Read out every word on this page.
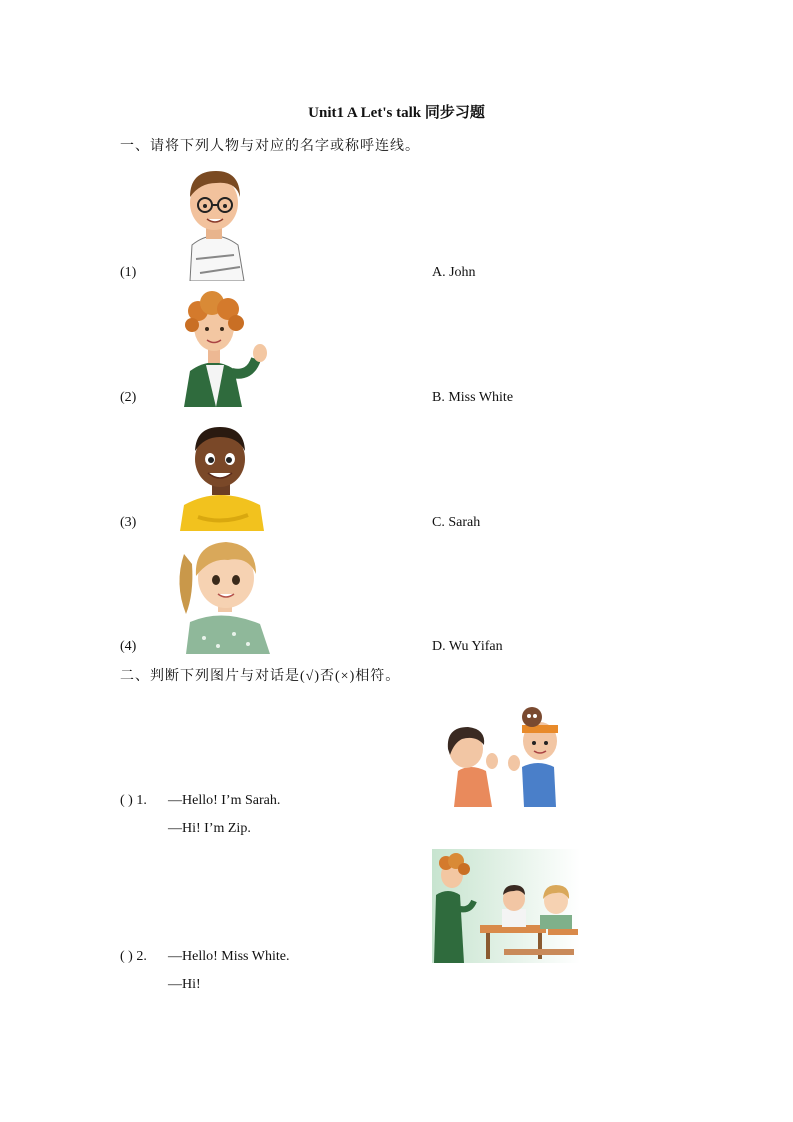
Unit1 A Let's talk 同步习题
一、请将下列人物与对应的名字或称呼连线。
(1)	A. John
(2)	B. Miss White
(3)	C. Sarah
(4)	D. Wu Yifan
二、判断下列图片与对话是(√)否(×)相符。
( ) 1. —Hello! I’m Sarah.
—Hi! I’m Zip.
( ) 2. —Hello! Miss White.
—Hi!
